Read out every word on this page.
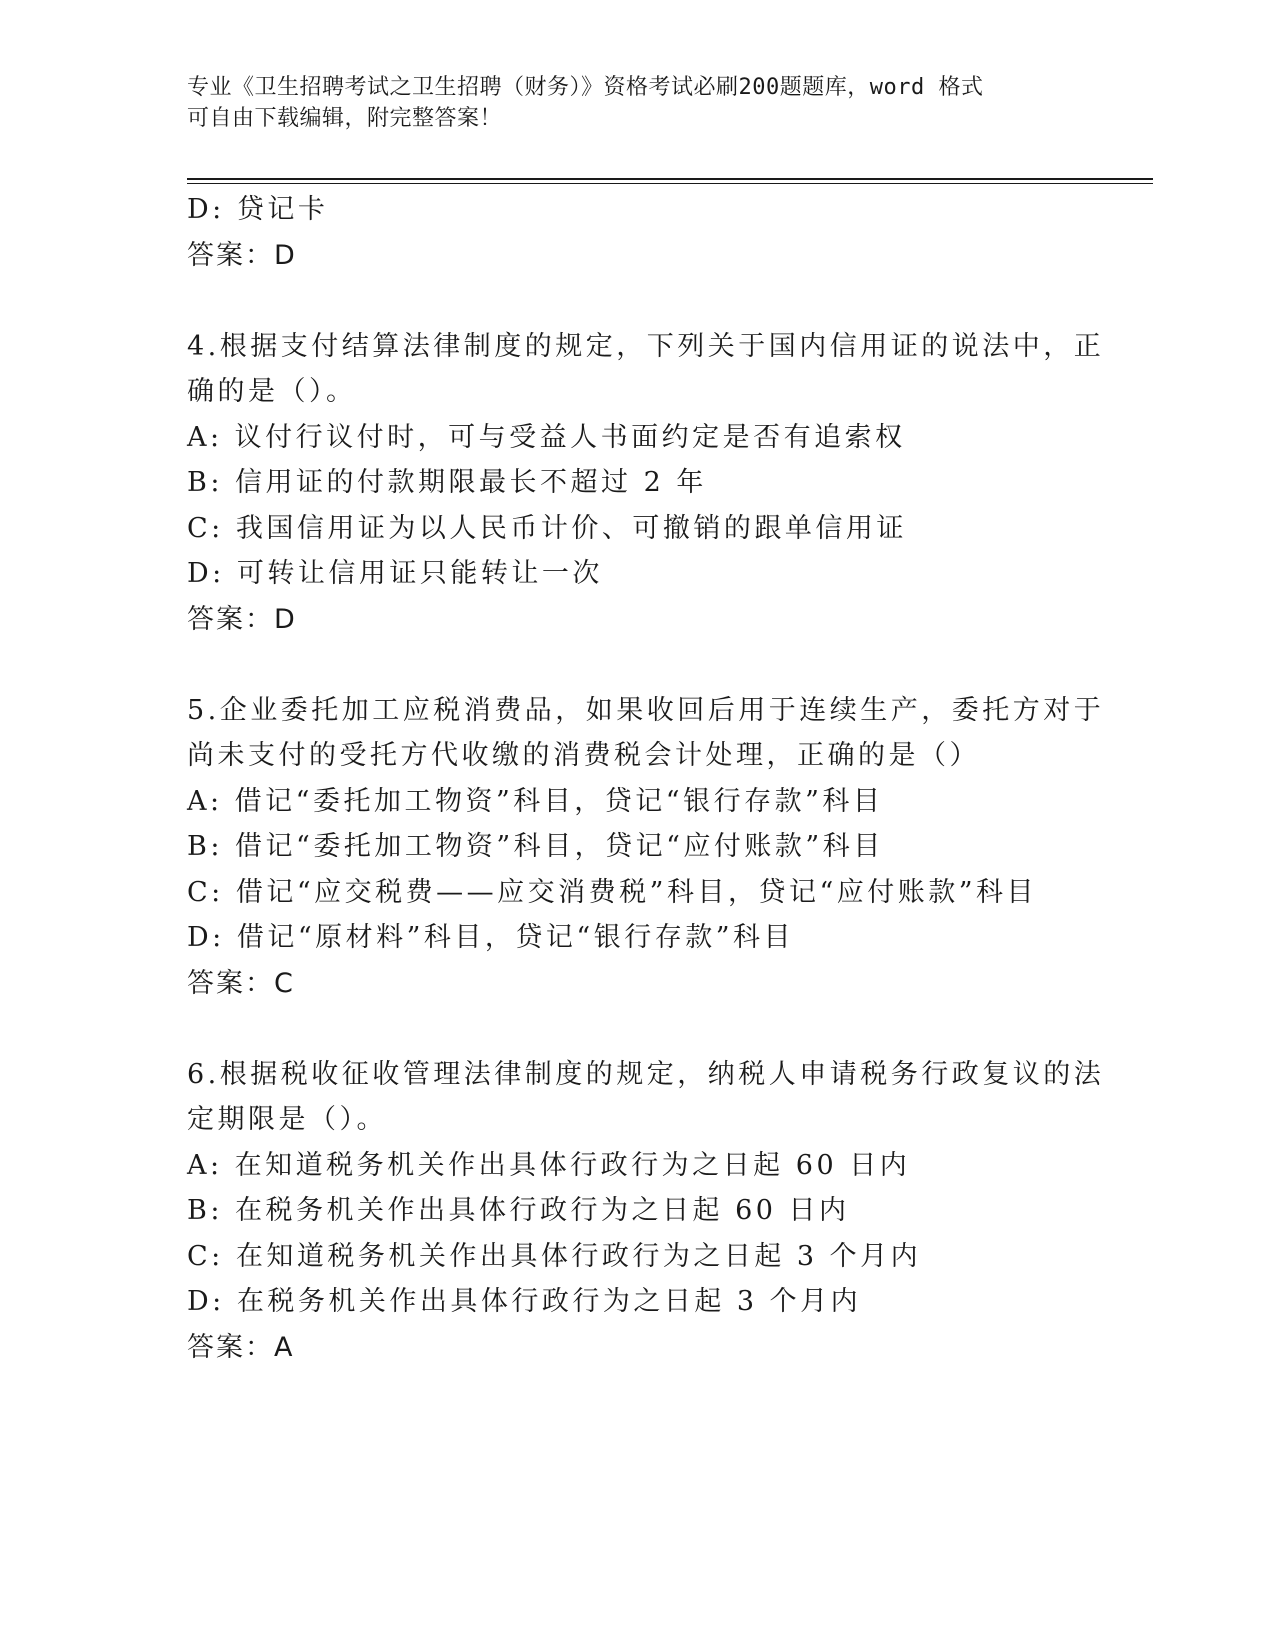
专业《卫生招聘考试之卫生招聘（财务）》资格考试必刷200题题库，word 格式
可自由下载编辑，附完整答案！
D: 贷记卡
答案：D
4.根据支付结算法律制度的规定，下列关于国内信用证的说法中，正
确的是（）。
A: 议付行议付时，可与受益人书面约定是否有追索权
B: 信用证的付款期限最长不超过 2 年
C: 我国信用证为以人民币计价、可撤销的跟单信用证
D: 可转让信用证只能转让一次
答案：D
5.企业委托加工应税消费品，如果收回后用于连续生产，委托方对于
尚未支付的受托方代收缴的消费税会计处理，正确的是（）
A: 借记“委托加工物资”科目，贷记“银行存款”科目
B: 借记“委托加工物资”科目，贷记“应付账款”科目
C: 借记“应交税费——应交消费税”科目，贷记“应付账款”科目
D: 借记“原材料”科目，贷记“银行存款”科目
答案：C
6.根据税收征收管理法律制度的规定，纳税人申请税务行政复议的法
定期限是（）。
A: 在知道税务机关作出具体行政行为之日起 60 日内
B: 在税务机关作出具体行政行为之日起 60 日内
C: 在知道税务机关作出具体行政行为之日起 3 个月内
D: 在税务机关作出具体行政行为之日起 3 个月内
答案：A
